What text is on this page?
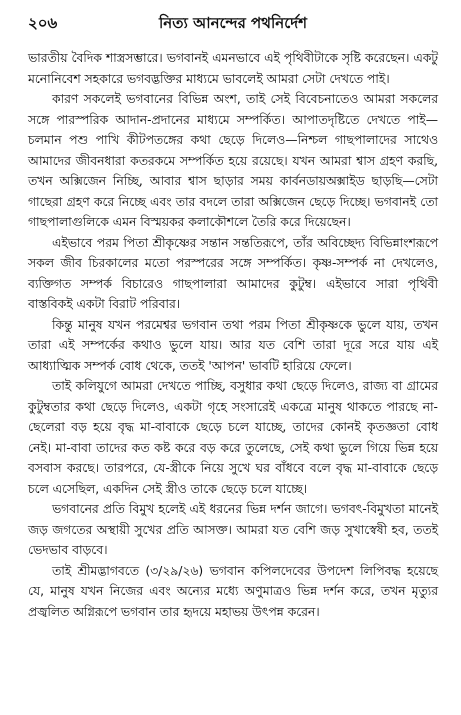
২০৬	নিত্য আনন্দের পথনির্দেশ

ভারতীয় বৈদিক শাস্ত্রসম্ভারে। ভগবানই এমনভাবে এই পৃথিবীটাকে সৃষ্টি করেছেন। একটু মনোনিবেশ সহকারে ভগবদ্ভক্তির মাধ্যমে ভাবলেই আমরা সেটা দেখতে পাই।

কারণ সকলেই ভগবানের বিভিন্ন অংশ, তাই সেই বিবেচনাতেও আমরা সকলের সঙ্গে পারস্পরিক আদান-প্রদানের মাধ্যমে সম্পর্কিত। আপাতদৃষ্টিতে দেখতে পাই—চলমান পশু পাখি কীটপতঙ্গের কথা ছেড়ে দিলেও—নিশ্চল গাছপালাদের সাথেও আমাদের জীবনধারা কতরকমে সম্পর্কিত হয়ে রয়েছে। যখন আমরা শ্বাস গ্রহণ করছি, তখন অক্সিজেন নিচ্ছি, আবার শ্বাস ছাড়ার সময় কার্বনডায়অক্সাইড ছাড়ছি—সেটা গাছেরা গ্রহণ করে নিচ্ছে এবং তার বদলে তারা অক্সিজেন ছেড়ে দিচ্ছে। ভগবানই তো গাছপালাগুলিকে এমন বিস্ময়কর কলাকৌশলে তৈরি করে দিয়েছেন।

এইভাবে পরম পিতা শ্রীকৃষ্ণের সন্তান সন্ততিরূপে, তাঁর অবিচ্ছেদ্য বিভিন্নাংশরূপে সকল জীব চিরকালের মতো পরস্পরের সঙ্গে সম্পর্কিত। কৃষ্ণ-সম্পর্ক না দেখলেও, ব্যক্তিগত সম্পর্ক বিচারেও গাছপালারা আমাদের কুটুম্ব। এইভাবে সারা পৃথিবী বাস্তবিকই একটা বিরাট পরিবার।

কিন্তু মানুষ যখন পরমেশ্বর ভগবান তথা পরম পিতা শ্রীকৃষ্ণকে ভুলে যায়, তখন তারা এই সম্পর্কের কথাও ভুলে যায়। আর যত বেশি তারা দূরে সরে যায় এই আধ্যাত্মিক সম্পর্ক বোধ থেকে, ততই 'আপন' ভাবটি হারিয়ে ফেলে।

তাই কলিযুগে আমরা দেখতে পাচ্ছি, বসুধার কথা ছেড়ে দিলেও, রাজ্য বা গ্রামের কুটুম্বতার কথা ছেড়ে দিলেও, একটা গৃহে সংসারেই একত্রে মানুষ থাকতে পারছে না-ছেলেরা বড় হয়ে বৃদ্ধ মা-বাবাকে ছেড়ে চলে যাচ্ছে, তাদের কোনই কৃতজ্ঞতা বোধ নেই। মা-বাবা তাদের কত কষ্ট করে বড় করে তুলেছে, সেই কথা ভুলে গিয়ে ভিন্ন হয়ে বসবাস করছে। তারপরে, যে-স্ত্রীকে নিয়ে সুখে ঘর বাঁধবে বলে বৃদ্ধ মা-বাবাকে ছেড়ে চলে এসেছিল, একদিন সেই স্ত্রীও তাকে ছেড়ে চলে যাচ্ছে।

ভগবানের প্রতি বিমুখ হলেই এই ধরনের ভিন্ন দর্শন জাগে। ভগবৎ-বিমুখতা মানেই জড় জগতের অস্থায়ী সুখের প্রতি আসক্ত। আমরা যত বেশি জড় সুখাস্বেষী হব, ততই ভেদভাব বাড়বে।

তাই শ্রীমদ্ভাগবতে (৩/২৯/২৬) ভগবান কপিলদেবের উপদেশ লিপিবদ্ধ হয়েছে যে, মানুষ যখন নিজের এবং অন্যের মধ্যে অণুমাত্রও ভিন্ন দর্শন করে, তখন মৃত্যুর প্রজ্বলিত অগ্নিরূপে ভগবান তার হৃদয়ে মহাভয় উৎপন্ন করেন।
